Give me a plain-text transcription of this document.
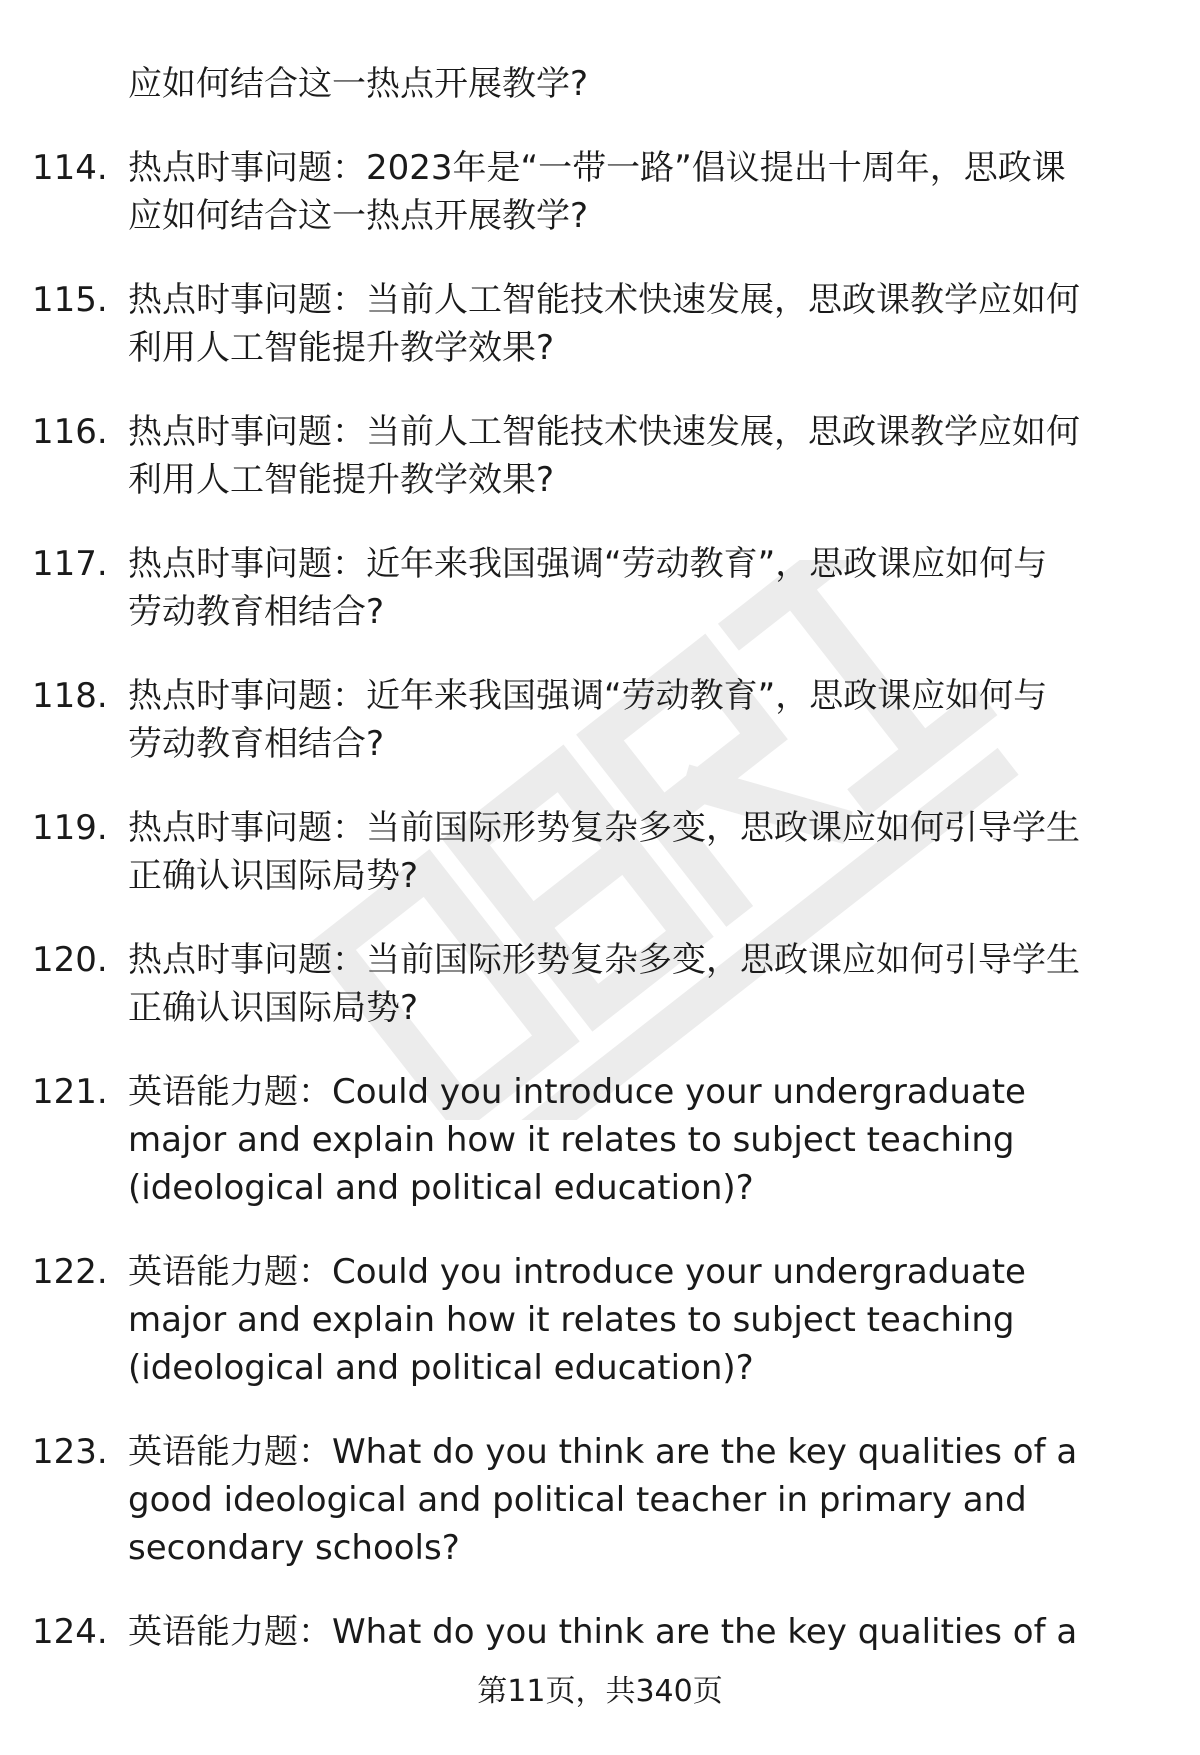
应如何结合这一热点开展教学?
114. 热点时事问题：2023年是“一带一路”倡议提出十周年，思政课
应如何结合这一热点开展教学?
115. 热点时事问题：当前人工智能技术快速发展，思政课教学应如何
利用人工智能提升教学效果?
116. 热点时事问题：当前人工智能技术快速发展，思政课教学应如何
利用人工智能提升教学效果?
117. 热点时事问题：近年来我国强调“劳动教育”，思政课应如何与
劳动教育相结合?
118. 热点时事问题：近年来我国强调“劳动教育”，思政课应如何与
劳动教育相结合?
119. 热点时事问题：当前国际形势复杂多变，思政课应如何引导学生
正确认识国际局势?
120. 热点时事问题：当前国际形势复杂多变，思政课应如何引导学生
正确认识国际局势?
121. 英语能力题：Could you introduce your undergraduate
major and explain how it relates to subject teaching
(ideological and political education)?
122. 英语能力题：Could you introduce your undergraduate
major and explain how it relates to subject teaching
(ideological and political education)?
123. 英语能力题：What do you think are the key qualities of a
good ideological and political teacher in primary and
secondary schools?
124. 英语能力题：What do you think are the key qualities of a
第11页，共340页
